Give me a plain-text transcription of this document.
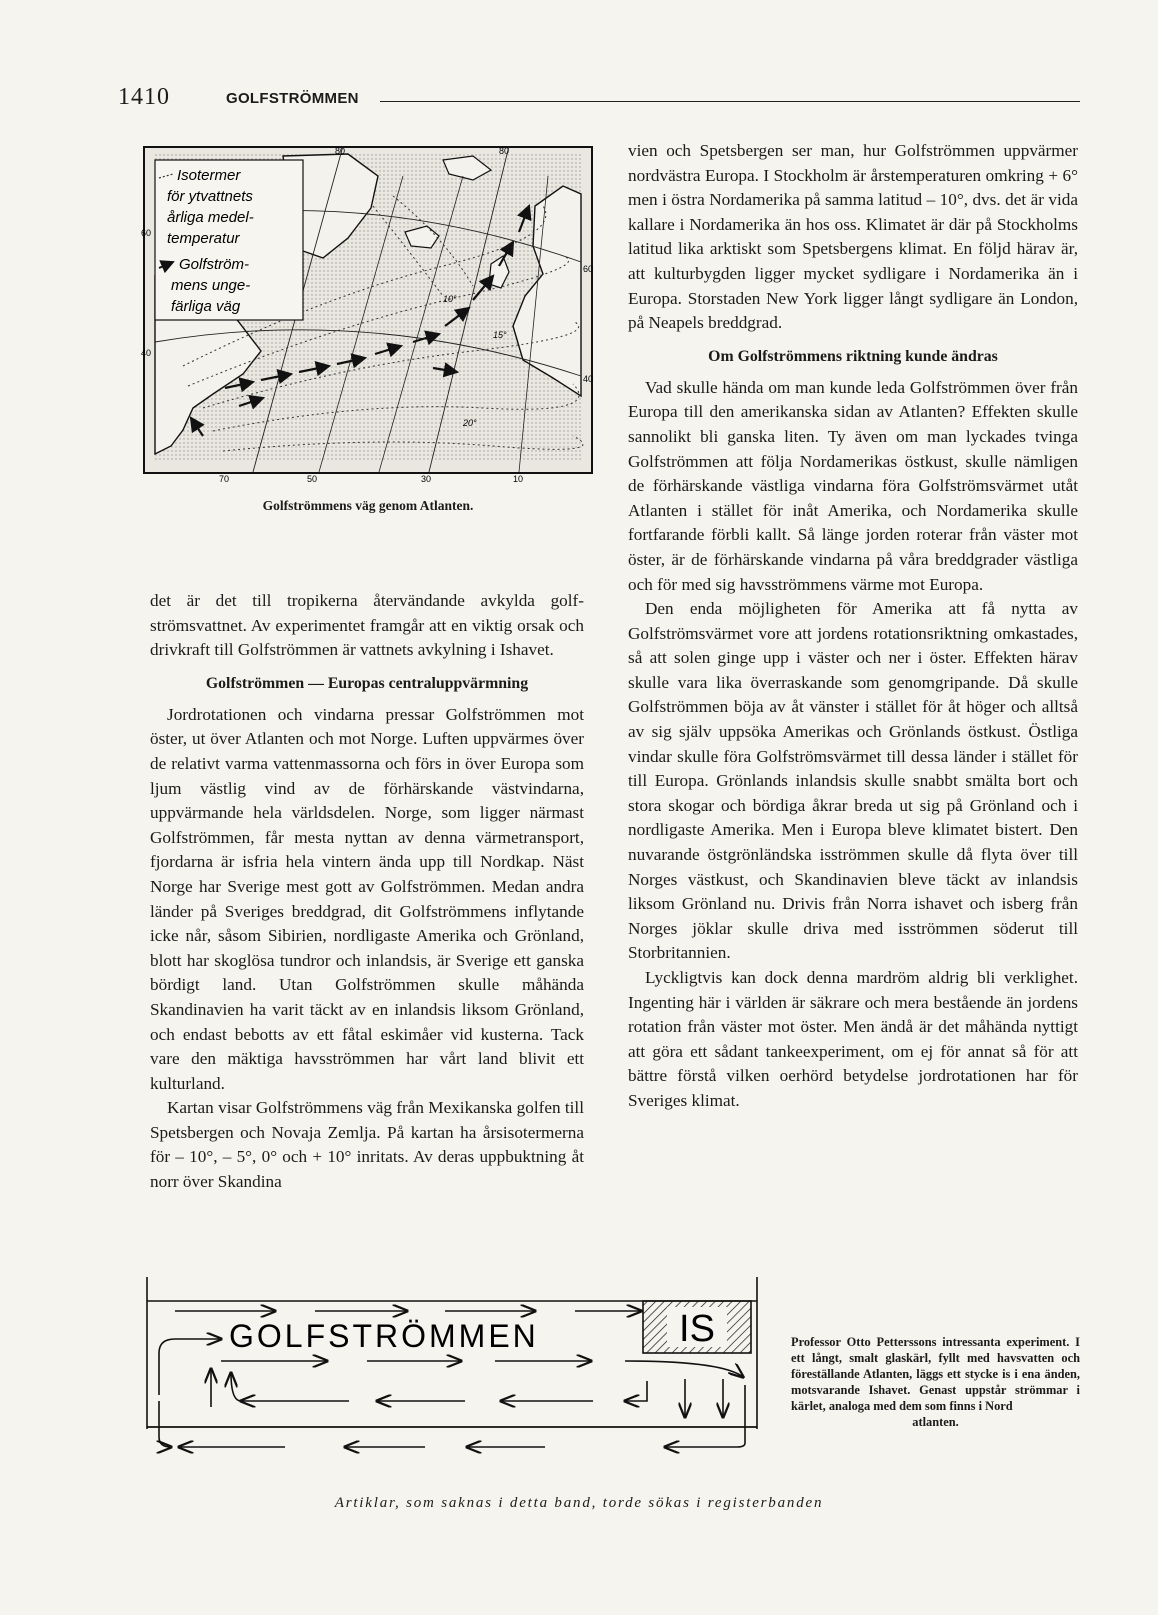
1410	GOLFSTRÖMMEN
Isotermer
för ytvattnets
årliga medel-
temperatur
Golfström-
mens unge-
färliga väg
80	80
70	50	30	10
60
40
60
40
10°
15°
20°
Golfströmmens väg genom Atlanten.

det är det till tropikerna återvändande avkylda golfströmsvattnet. Av experimentet framgår att en viktig orsak och drivkraft till Golfströmmen är vattnets avkylning i Ishavet.

Golfströmmen — Europas centraluppvärmning

Jordrotationen och vindarna pressar Golfströmmen mot öster, ut över Atlanten och mot Norge. Luften uppvärmes över de relativt varma vattenmassorna och förs in över Europa som ljum västlig vind av de förhärskande västvindarna, uppvärmande hela världsdelen. Norge, som ligger närmast Golfströmmen, får mesta nyttan av denna värmetransport, fjordarna är isfria hela vintern ända upp till Nordkap. Näst Norge har Sverige mest gott av Golfströmmen. Medan andra länder på Sveriges breddgrad, dit Golfströmmens inflytande icke når, såsom Sibirien, nordligaste Amerika och Grönland, blott har skoglösa tundror och inlandsis, är Sverige ett ganska bördigt land. Utan Golfströmmen skulle måhända Skandinavien ha varit täckt av en inlandsis liksom Grönland, och endast bebotts av ett fåtal eskimåer vid kusterna. Tack vare den mäktiga havsströmmen har vårt land blivit ett kulturland.

Kartan visar Golfströmmens väg från Mexikanska golfen till Spetsbergen och Novaja Zemlja. På kartan ha årsisotermerna för – 10°, – 5°, 0° och + 10° inritats. Av deras uppbuktning åt norr över Skandina

vien och Spetsbergen ser man, hur Golfströmmen uppvärmer nordvästra Europa. I Stockholm är årstemperaturen omkring + 6° men i östra Nordamerika på samma latitud – 10°, dvs. det är vida kallare i Nordamerika än hos oss. Klimatet är där på Stockholms latitud lika arktiskt som Spetsbergens klimat. En följd härav är, att kulturbygden ligger mycket sydligare i Nordamerika än i Europa. Storstaden New York ligger långt sydligare än London, på Neapels breddgrad.

Om Golfströmmens riktning kunde ändras

Vad skulle hända om man kunde leda Golfströmmen över från Europa till den amerikanska sidan av Atlanten? Effekten skulle sannolikt bli ganska liten. Ty även om man lyckades tvinga Golfströmmen att följa Nordamerikas östkust, skulle nämligen de förhärskande västliga vindarna föra Golfströmsvärmet utåt Atlanten i stället för inåt Amerika, och Nordamerika skulle fortfarande förbli kallt. Så länge jorden roterar från väster mot öster, är de förhärskande vindarna på våra breddgrader västliga och för med sig havsströmmens värme mot Europa.

Den enda möjligheten för Amerika att få nytta av Golfströmsvärmet vore att jordens rotationsriktning omkastades, så att solen ginge upp i väster och ner i öster. Effekten härav skulle vara lika överraskande som genomgripande. Då skulle Golfströmmen böja av åt vänster i stället för åt höger och alltså av sig själv uppsöka Amerikas och Grönlands östkust. Östliga vindar skulle föra Golfströmsvärmet till dessa länder i stället för till Europa. Grönlands inlandsis skulle snabbt smälta bort och stora skogar och bördiga åkrar breda ut sig på Grönland och i nordligaste Amerika. Men i Europa bleve klimatet bistert. Den nuvarande östgrönländska isströmmen skulle då flyta över till Norges västkust, och Skandinavien bleve täckt av inlandsis liksom Grönland nu. Drivis från Norra ishavet och isberg från Norges jöklar skulle driva med isströmmen söderut till Storbritannien.

Lyckligtvis kan dock denna mardröm aldrig bli verklighet. Ingenting här i världen är säkrare och mera bestående än jordens rotation från väster mot öster. Men ändå är det måhända nyttigt att göra ett sådant tankeexperiment, om ej för annat så för att bättre förstå vilken oerhörd betydelse jordrotationen har för Sveriges klimat.

IS
GOLFSTRÖMMEN	Professor Otto Petterssons intressanta experiment. I ett långt, smalt glaskärl, fyllt med havsvatten och föreställande Atlanten, läggs ett stycke is i ena änden, motsvarande Ishavet. Genast uppstår strömmar i kärlet, analoga med dem som finns i Nord
atlanten.
Artiklar, som saknas i detta band, torde sökas i registerbanden
